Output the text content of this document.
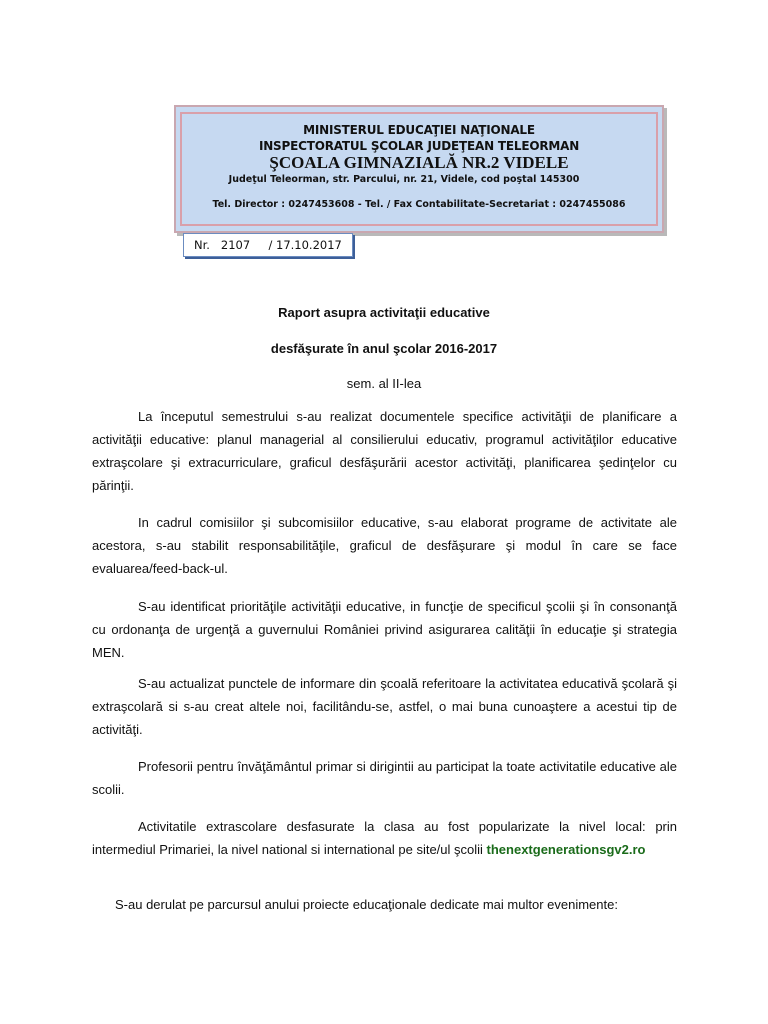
MINISTERUL EDUCAŢIEI NAŢIONALE
INSPECTORATUL ŞCOLAR JUDEŢEAN TELEORMAN
ŞCOALA GIMNAZIALĂ NR.2 VIDELE
Judeţul Teleorman, str. Parcului, nr. 21, Videle, cod poştal 145300
Tel. Director : 0247453608 - Tel. / Fax Contabilitate-Secretariat : 0247455086
Nr. 2107 / 17.10.2017
Raport asupra activitaţii educative
desfăşurate în anul şcolar 2016-2017
sem. al II-lea
La începutul semestrului s-au realizat documentele specifice activităţii de planificare a activităţii educative: planul managerial al consilierului educativ, programul activităţilor educative extraşcolare şi extracurriculare, graficul desfăşurării acestor activităţi, planificarea şedinţelor cu părinţii.
In cadrul comisiilor şi subcomisiilor educative, s-au elaborat programe de activitate ale acestora, s-au stabilit responsabilităţile, graficul de desfăşurare şi modul în care se face evaluarea/feed-back-ul.
S-au identificat priorităţile activităţii educative, in funcţie de specificul şcolii şi în consonanţă cu ordonanţa de urgenţă a guvernului României privind asigurarea calităţii în educaţie şi strategia MEN.
S-au actualizat punctele de informare din şcoală referitoare la activitatea educativă şcolară şi extraşcolară si s-au creat altele noi, facilitându-se, astfel, o mai buna cunoaştere a acestui tip de activităţi.
Profesorii pentru învăţământul primar si dirigintii au participat la toate activitatile educative ale scolii.
Activitatile extrascolare desfasurate la clasa au fost popularizate la nivel local: prin intermediul Primariei, la nivel national si international pe site/ul şcolii thenextgenerationsgv2.ro
S-au derulat pe parcursul anului proiecte educaţionale dedicate mai multor evenimente:
